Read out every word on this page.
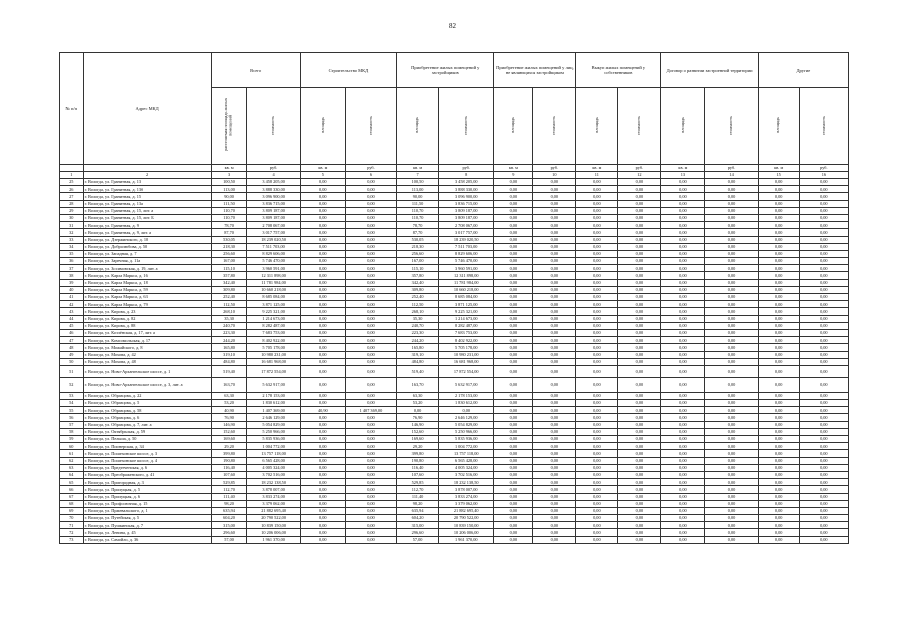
82
№ п/п	Адрес МКД	Всего		Строительство МКД		Приобретение жилых помещений у застройщиков		Приобретение жилых помещений у лиц, не являющихся застройщиком		Выкуп жилых помещений у собственников		Договор о развитии застроенной территории		Другие	
		расселяемая площадь жилых помещений	стоимость	площадь	стоимость	площадь	стоимость	площадь	стоимость	площадь	стоимость	площадь	стоимость	площадь	стоимость
		кв. м	руб.	кв. м	руб.	кв. м	руб.	кв. м	руб.	кв. м	руб.	кв. м	руб.	кв. м	руб.
1	2	3	4	5	6	7	8	9	10	11	12	13	14	15	16
25	г. Вологда, ул. Гранитная, д. 13	100,50	3 458 205,00	0,00	0,00	100,50	3 458 205,00	0,00	0,00	0,00	0,00	0,00	0,00	0,00	0,00
26	г. Вологда, ул. Гранитная, д. 13б	113,00	3 888 330,00	0,00	0,00	113,00	3 888 330,00	0,00	0,00	0,00	0,00	0,00	0,00	0,00	0,00
27	г. Вологда, ул. Гранитная, д. 15	90,00	3 096 900,00	0,00	0,00	90,00	3 096 900,00	0,00	0,00	0,00	0,00	0,00	0,00	0,00	0,00
28	г. Вологда, ул. Гранитная, д. 13а	111,50	3 836 715,00	0,00	0,00	111,50	3 836 715,00	0,00	0,00	0,00	0,00	0,00	0,00	0,00	0,00
29	г. Вологда, ул. Гранитная, д. 15, лит. а	110,70	3 809 187,00	0,00	0,00	110,70	3 809 187,00	0,00	0,00	0,00	0,00	0,00	0,00	0,00	0,00
30	г. Вологда, ул. Гранитная, д. 15, лит. Б	110,70	3 809 187,00	0,00	0,00	110,70	3 809 187,00	0,00	0,00	0,00	0,00	0,00	0,00	0,00	0,00
31	г. Вологда, ул. Гранитная, д. 9	78,70	2 708 067,00	0,00	0,00	78,70	2 708 067,00	0,00	0,00	0,00	0,00	0,00	0,00	0,00	0,00
32	г. Вологда, ул. Гранитная, д. 9, лит. а	87,70	3 017 757,00	0,00	0,00	87,70	3 017 757,00	0,00	0,00	0,00	0,00	0,00	0,00	0,00	0,00
33	г. Вологда, ул. Дзержинского, д. 10	530,05	18 239 020,50	0,00	0,00	530,05	18 239 020,50	0,00	0,00	0,00	0,00	0,00	0,00	0,00	0,00
34	г. Вологда, ул. Добролюбова, д. 50	218,30	7 511 703,00	0,00	0,00	218,30	7 511 703,00	0,00	0,00	0,00	0,00	0,00	0,00	0,00	0,00
35	г. Вологда, ул. Западная, д. 7	256,60	8 829 606,00	0,00	0,00	256,60	8 829 606,00	0,00	0,00	0,00	0,00	0,00	0,00	0,00	0,00
36	г. Вологда, ул. Заречная, д. 11а	167,00	5 746 470,00	0,00	0,00	167,00	5 746 470,00	0,00	0,00	0,00	0,00	0,00	0,00	0,00	0,00
37	г. Вологда, ул. Зосимовская, д. 19, лит. а	115,10	3 960 591,00	0,00	0,00	115,10	3 960 591,00	0,00	0,00	0,00	0,00	0,00	0,00	0,00	0,00
38	г. Вологда, ул. Карла Маркса, д. 16	357,80	12 311 898,00	0,00	0,00	357,80	12 311 898,00	0,00	0,00	0,00	0,00	0,00	0,00	0,00	0,00
39	г. Вологда, ул. Карла Маркса, д. 18	342,40	11 781 984,00	0,00	0,00	342,40	11 781 984,00	0,00	0,00	0,00	0,00	0,00	0,00	0,00	0,00
40	г. Вологда, ул. Карла Маркса, д. 59	309,80	10 660 218,00	0,00	0,00	309,80	10 660 218,00	0,00	0,00	0,00	0,00	0,00	0,00	0,00	0,00
41	г. Вологда, ул. Карла Маркса, д. 63	252,40	8 685 084,00	0,00	0,00	252,40	8 685 084,00	0,00	0,00	0,00	0,00	0,00	0,00	0,00	0,00
42	г. Вологда, ул. Карла Маркса, д. 79	112,50	3 871 125,00	0,00	0,00	112,50	3 871 125,00	0,00	0,00	0,00	0,00	0,00	0,00	0,00	0,00
43	г. Вологда, ул. Кирова, д. 23	268,10	9 225 321,00	0,00	0,00	268,10	9 225 321,00	0,00	0,00	0,00	0,00	0,00	0,00	0,00	0,00
44	г. Вологда, ул. Кирова, д. 82	35,30	1 214 673,00	0,00	0,00	35,30	1 214 673,00	0,00	0,00	0,00	0,00	0,00	0,00	0,00	0,00
45	г. Вологда, ул. Кирова, д. 88	240,70	8 282 487,00	0,00	0,00	240,70	8 282 487,00	0,00	0,00	0,00	0,00	0,00	0,00	0,00	0,00
46	г. Вологда, ул. Козлёнская, д. 17, лит. а	223,30	7 683 753,00	0,00	0,00	223,30	7 683 753,00	0,00	0,00	0,00	0,00	0,00	0,00	0,00	0,00
47	г. Вологда, ул. Комсомольская, д. 17	244,20	8 402 922,00	0,00	0,00	244,20	8 402 922,00	0,00	0,00	0,00	0,00	0,00	0,00	0,00	0,00
48	г. Вологда, ул. Можайского, д. 8	165,80	5 705 178,00	0,00	0,00	165,80	5 705 178,00	0,00	0,00	0,00	0,00	0,00	0,00	0,00	0,00
49	г. Вологда, ул. Мохова, д. 42	319,10	10 980 231,00	0,00	0,00	319,10	10 980 231,00	0,00	0,00	0,00	0,00	0,00	0,00	0,00	0,00
50	г. Вологда, ул. Мохова, д. 48	484,80	16 681 968,00	0,00	0,00	484,80	16 681 968,00	0,00	0,00	0,00	0,00	0,00	0,00	0,00	0,00
51	г. Вологда, ул. Ново-Архангельское шоссе, д. 1	519,40	17 872 554,00	0,00	0,00	519,40	17 872 554,00	0,00	0,00	0,00	0,00	0,00	0,00	0,00	0,00
52	г. Вологда, ул. Ново-Архангельское шоссе, д. 3, лит. а	163,70	5 632 917,00	0,00	0,00	163,70	5 632 917,00	0,00	0,00	0,00	0,00	0,00	0,00	0,00	0,00
53	г. Вологда, ул. Образцова, д. 22	63,30	2 178 153,00	0,00	0,00	63,30	2 178 153,00	0,00	0,00	0,00	0,00	0,00	0,00	0,00	0,00
54	г. Вологда, ул. Образцова, д. 5	53,20	1 830 612,00	0,00	0,00	53,20	1 830 612,00	0,00	0,00	0,00	0,00	0,00	0,00	0,00	0,00
55	г. Вологда, ул. Образцова, д. 58	40,90	1 407 369,00	40,90	1 407 369,00	0,00	0,00	0,00	0,00	0,00	0,00	0,00	0,00	0,00	0,00
56	г. Вологда, ул. Образцова, д. 6	76,90	2 646 129,00	0,00	0,00	76,90	2 646 129,00	0,00	0,00	0,00	0,00	0,00	0,00	0,00	0,00
57	г. Вологда, ул. Образцова, д. 7, лит. а	146,90	5 054 829,00	0,00	0,00	146,90	5 054 829,00	0,00	0,00	0,00	0,00	0,00	0,00	0,00	0,00
58	г. Вологда, ул. Октябрьская, д. 59	152,60	5 250 966,00	0,00	0,00	152,60	5 250 966,00	0,00	0,00	0,00	0,00	0,00	0,00	0,00	0,00
59	г. Вологда, ул. Пельша, д. 50	169,60	5 835 936,00	0,00	0,00	169,60	5 835 936,00	0,00	0,00	0,00	0,00	0,00	0,00	0,00	0,00
60	г. Вологда, ул. Пионерская, д. 34	29,20	1 004 772,00	0,00	0,00	29,20	1 004 772,00	0,00	0,00	0,00	0,00	0,00	0,00	0,00	0,00
61	г. Вологда, ул. Пошехонское шоссе, д. 3	399,80	13 757 118,00	0,00	0,00	399,80	13 757 118,00	0,00	0,00	0,00	0,00	0,00	0,00	0,00	0,00
62	г. Вологда, ул. Пошехонское шоссе, д. 4	190,80	6 565 428,00	0,00	0,00	190,80	6 565 428,00	0,00	0,00	0,00	0,00	0,00	0,00	0,00	0,00
63	г. Вологда, ул. Предтеченская, д. 6	116,40	4 005 324,00	0,00	0,00	116,40	4 005 324,00	0,00	0,00	0,00	0,00	0,00	0,00	0,00	0,00
64	г. Вологда, ул. Преображенского, д. 41	107,60	3 702 516,00	0,00	0,00	107,60	3 702 516,00	0,00	0,00	0,00	0,00	0,00	0,00	0,00	0,00
65	г. Вологда, ул. Пригородная, д. 3	529,85	18 232 138,50	0,00	0,00	529,85	18 232 138,50	0,00	0,00	0,00	0,00	0,00	0,00	0,00	0,00
66	г. Вологда, ул. Прилуцкая, д. 5	112,70	3 878 007,00	0,00	0,00	112,70	3 878 007,00	0,00	0,00	0,00	0,00	0,00	0,00	0,00	0,00
67	г. Вологда, ул. Прилуцкая, д. 6	111,40	3 833 274,00	0,00	0,00	111,40	3 833 274,00	0,00	0,00	0,00	0,00	0,00	0,00	0,00	0,00
68	г. Вологда, ул. Профсоюзная, д. 15	98,20	3 379 062,00	0,00	0,00	98,20	3 379 062,00	0,00	0,00	0,00	0,00	0,00	0,00	0,00	0,00
69	г. Вологда, ул. Пржевальского, д. 1	635,94	21 882 695,40	0,00	0,00	635,94	21 882 695,40	0,00	0,00	0,00	0,00	0,00	0,00	0,00	0,00
70	г. Вологда, ул. Путейская, д. 5	604,20	20 790 522,00	0,00	0,00	604,20	20 790 522,00	0,00	0,00	0,00	0,00	0,00	0,00	0,00	0,00
71	г. Вологда, ул. Пушкинская, д. 7	315,00	10 839 150,00	0,00	0,00	315,00	10 839 150,00	0,00	0,00	0,00	0,00	0,00	0,00	0,00	0,00
72	г. Вологда, ул. Ленина, д. 45	296,60	10 206 006,00	0,00	0,00	296,60	10 206 006,00	0,00	0,00	0,00	0,00	0,00	0,00	0,00	0,00
73	г. Вологда, ул. Самойло, д. 36	57,00	1 961 370,00	0,00	0,00	57,00	1 961 370,00	0,00	0,00	0,00	0,00	0,00	0,00	0,00	0,00
